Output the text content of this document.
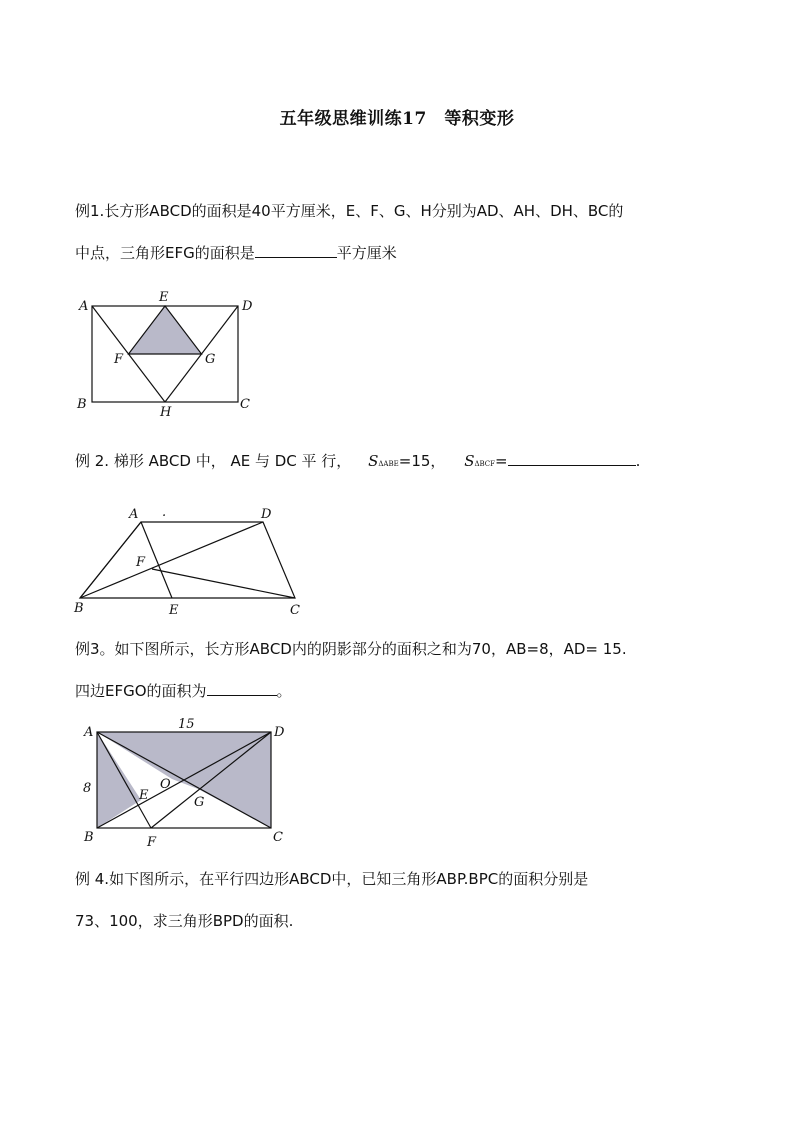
五年级思维训练17　等积变形
例1.长方形ABCD的面积是40平方厘米，E、F、G、H分别为AD、AH、DH、BC的
中点，三角形EFG的面积是	平方厘米
A
E
D
F	G
B
H
C
例 2. 梯形 ABCD 中， AE 与 DC 平 行， SΔABE=15， SΔBCF=	.
A .	D
F
B	E	C
例3。如下图所示，长方形ABCD内的阴影部分的面积之和为70，AB=8，AD= 15.
四边EFGO的面积为	。
A
15
D
8	O
E	G
B	F	C
例 4.如下图所示，在平行四边形ABCD中，已知三角形ABP.BPC的面积分别是
73、100，求三角形BPD的面积.
